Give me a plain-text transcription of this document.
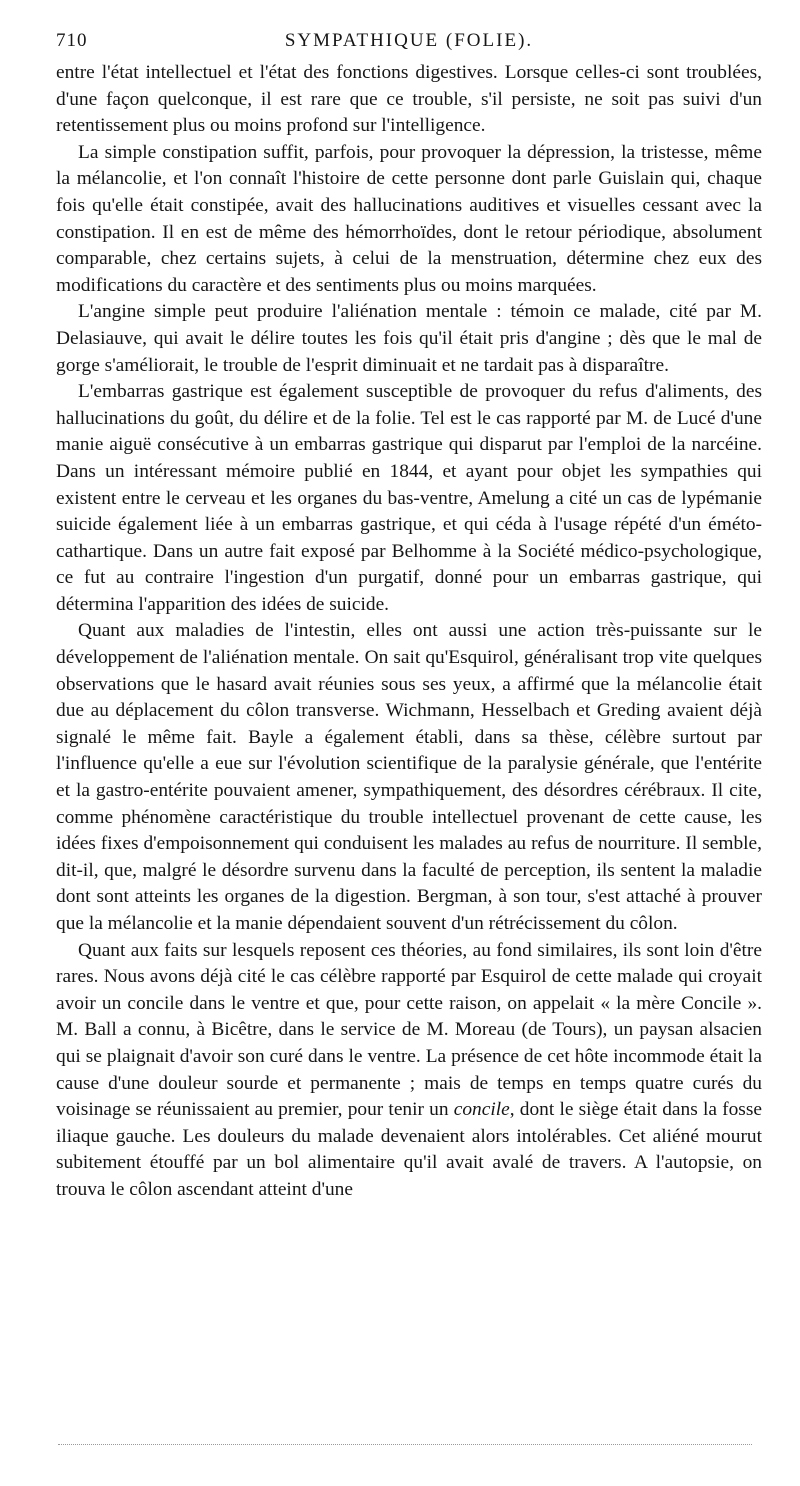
710	SYMPATHIQUE (FOLIE).

entre l'état intellectuel et l'état des fonctions digestives. Lorsque celles-ci sont troublées, d'une façon quelconque, il est rare que ce trouble, s'il persiste, ne soit pas suivi d'un retentissement plus ou moins profond sur l'intelligence.

La simple constipation suffit, parfois, pour provoquer la dépression, la tristesse, même la mélancolie, et l'on connaît l'histoire de cette personne dont parle Guislain qui, chaque fois qu'elle était constipée, avait des hallucinations auditives et visuelles cessant avec la constipation. Il en est de même des hémorrhoïdes, dont le retour périodique, absolument comparable, chez certains sujets, à celui de la menstruation, détermine chez eux des modifications du caractère et des sentiments plus ou moins marquées.

L'angine simple peut produire l'aliénation mentale : témoin ce malade, cité par M. Delasiauve, qui avait le délire toutes les fois qu'il était pris d'angine ; dès que le mal de gorge s'améliorait, le trouble de l'esprit diminuait et ne tardait pas à disparaître.

L'embarras gastrique est également susceptible de provoquer du refus d'aliments, des hallucinations du goût, du délire et de la folie. Tel est le cas rapporté par M. de Lucé d'une manie aiguë consécutive à un embarras gastrique qui disparut par l'emploi de la narcéine. Dans un intéressant mémoire publié en 1844, et ayant pour objet les sympathies qui existent entre le cerveau et les organes du bas-ventre, Amelung a cité un cas de lypémanie suicide également liée à un embarras gastrique, et qui céda à l'usage répété d'un éméto-cathartique. Dans un autre fait exposé par Belhomme à la Société médico-psychologique, ce fut au contraire l'ingestion d'un purgatif, donné pour un embarras gastrique, qui détermina l'apparition des idées de suicide.

Quant aux maladies de l'intestin, elles ont aussi une action très-puissante sur le développement de l'aliénation mentale. On sait qu'Esquirol, généralisant trop vite quelques observations que le hasard avait réunies sous ses yeux, a affirmé que la mélancolie était due au déplacement du côlon transverse. Wichmann, Hesselbach et Greding avaient déjà signalé le même fait. Bayle a également établi, dans sa thèse, célèbre surtout par l'influence qu'elle a eue sur l'évolution scientifique de la paralysie générale, que l'entérite et la gastro-entérite pouvaient amener, sympathiquement, des désordres cérébraux. Il cite, comme phénomène caractéristique du trouble intellectuel provenant de cette cause, les idées fixes d'empoisonnement qui conduisent les malades au refus de nourriture. Il semble, dit-il, que, malgré le désordre survenu dans la faculté de perception, ils sentent la maladie dont sont atteints les organes de la digestion. Bergman, à son tour, s'est attaché à prouver que la mélancolie et la manie dépendaient souvent d'un rétrécissement du côlon.

Quant aux faits sur lesquels reposent ces théories, au fond similaires, ils sont loin d'être rares. Nous avons déjà cité le cas célèbre rapporté par Esquirol de cette malade qui croyait avoir un concile dans le ventre et que, pour cette raison, on appelait « la mère Concile ». M. Ball a connu, à Bicêtre, dans le service de M. Moreau (de Tours), un paysan alsacien qui se plaignait d'avoir son curé dans le ventre. La présence de cet hôte incommode était la cause d'une douleur sourde et permanente ; mais de temps en temps quatre curés du voisinage se réunissaient au premier, pour tenir un concile, dont le siège était dans la fosse iliaque gauche. Les douleurs du malade devenaient alors intolérables. Cet aliéné mourut subitement étouffé par un bol alimentaire qu'il avait avalé de travers. A l'autopsie, on trouva le côlon ascendant atteint d'une
